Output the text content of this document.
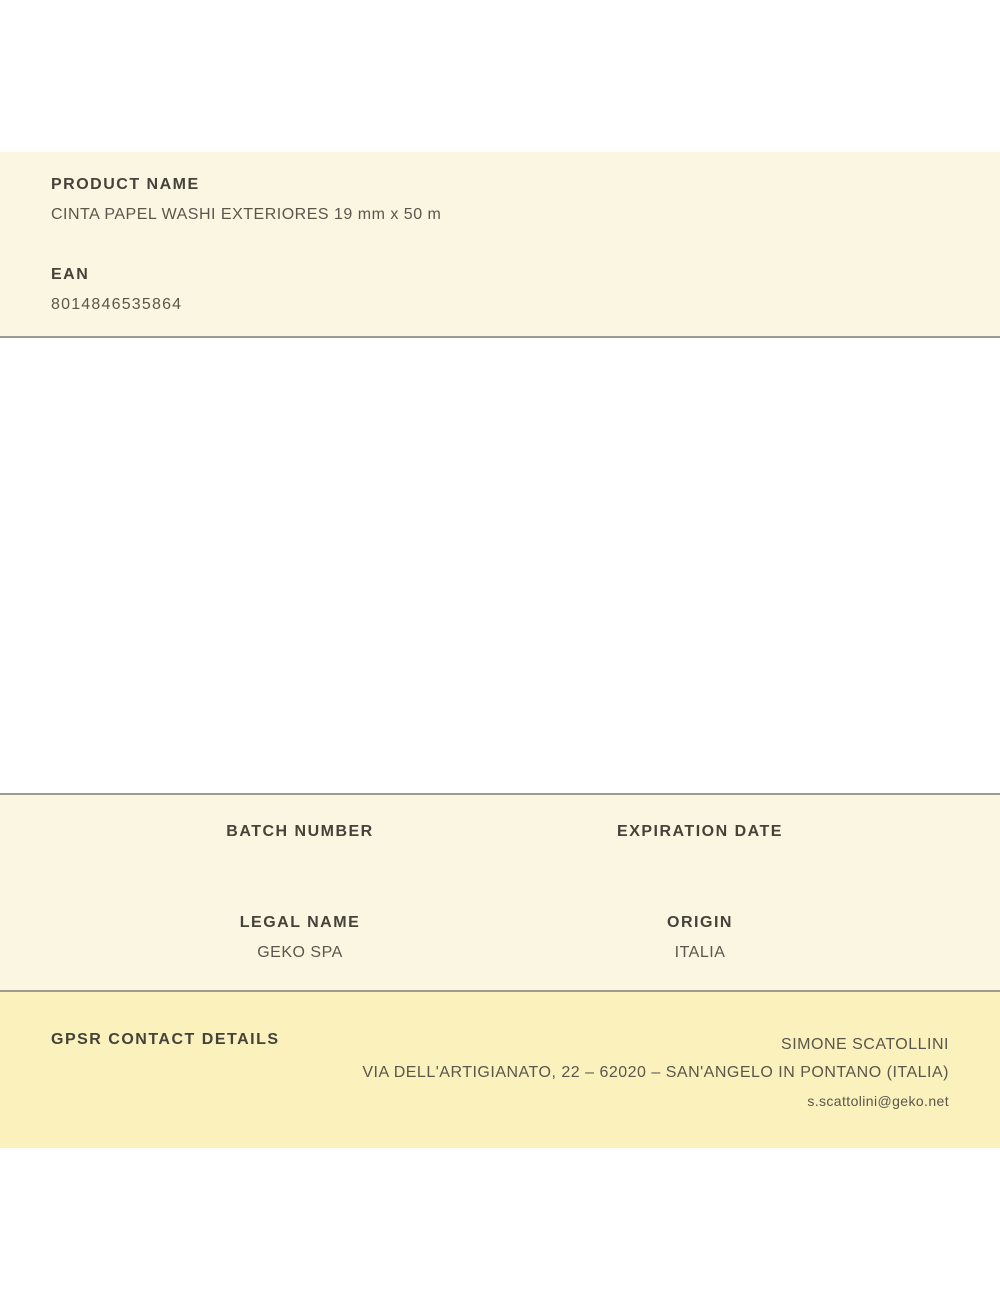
PRODUCT NAME
CINTA PAPEL WASHI EXTERIORES 19 mm x 50 m
EAN
8014846535864
BATCH NUMBER	EXPIRATION DATE
LEGAL NAME
GEKO SPA
ORIGIN
ITALIA
GPSR CONTACT DETAILS	SIMONE SCATOLLINI
VIA DELL'ARTIGIANATO, 22 – 62020 – SAN'ANGELO IN PONTANO (ITALIA)
s.scattolini@geko.net
